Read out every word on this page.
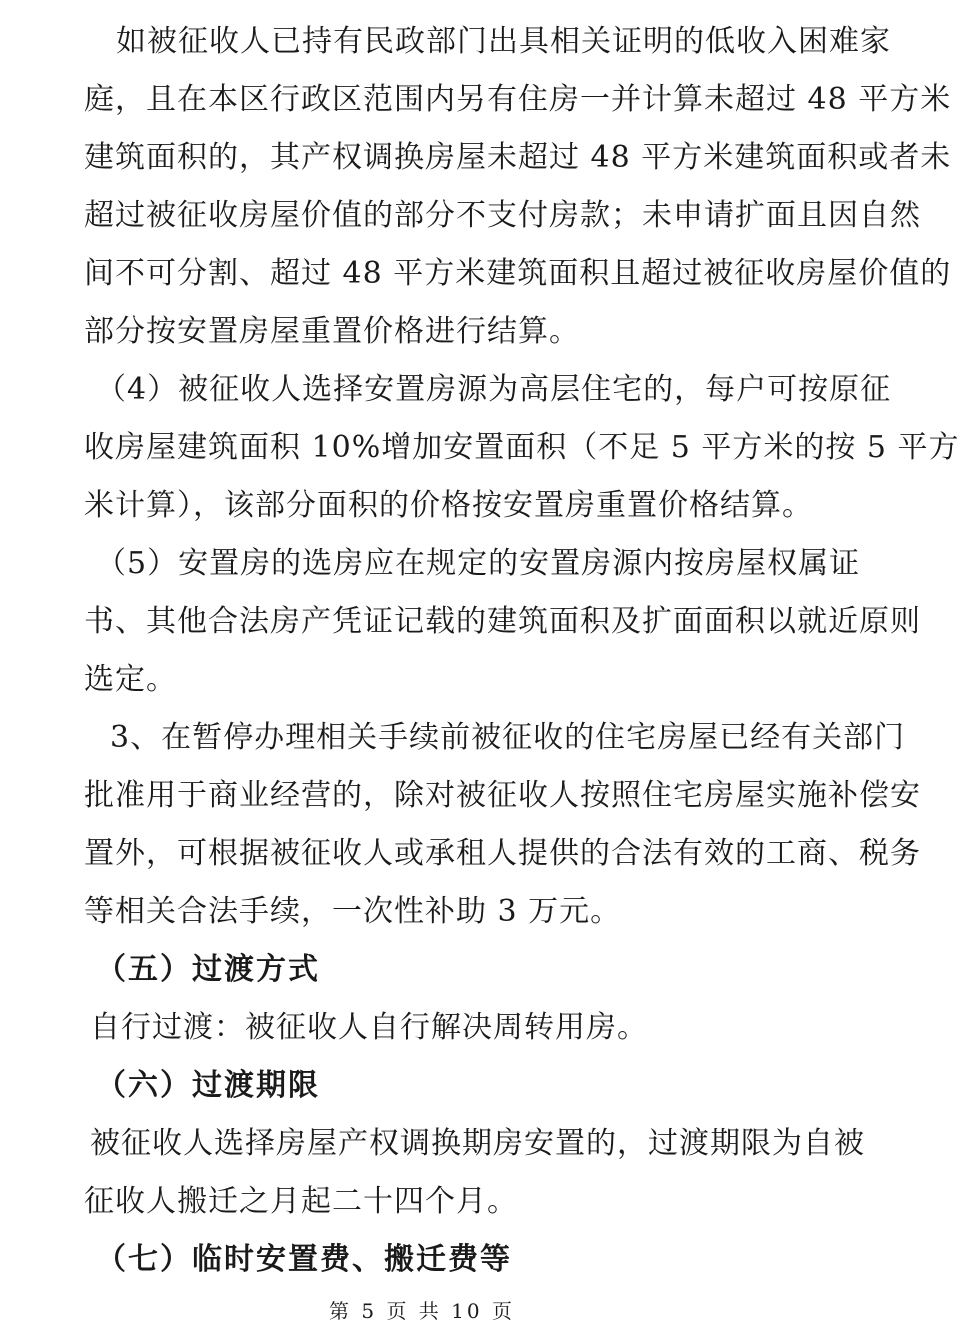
如被征收人已持有民政部门出具相关证明的低收入困难家
庭，且在本区行政区范围内另有住房一并计算未超过 48 平方米
建筑面积的，其产权调换房屋未超过 48 平方米建筑面积或者未
超过被征收房屋价值的部分不支付房款；未申请扩面且因自然
间不可分割、超过 48 平方米建筑面积且超过被征收房屋价值的
部分按安置房屋重置价格进行结算。
（4）被征收人选择安置房源为高层住宅的，每户可按原征
收房屋建筑面积 10%增加安置面积（不足 5 平方米的按 5 平方
米计算），该部分面积的价格按安置房重置价格结算。
（5）安置房的选房应在规定的安置房源内按房屋权属证
书、其他合法房产凭证记载的建筑面积及扩面面积以就近原则
选定。
3、在暂停办理相关手续前被征收的住宅房屋已经有关部门
批准用于商业经营的，除对被征收人按照住宅房屋实施补偿安
置外，可根据被征收人或承租人提供的合法有效的工商、税务
等相关合法手续，一次性补助 3 万元。
（五）过渡方式
自行过渡：被征收人自行解决周转用房。
（六）过渡期限
被征收人选择房屋产权调换期房安置的，过渡期限为自被
征收人搬迁之月起二十四个月。
（七）临时安置费、搬迁费等
第 5 页 共 10 页
